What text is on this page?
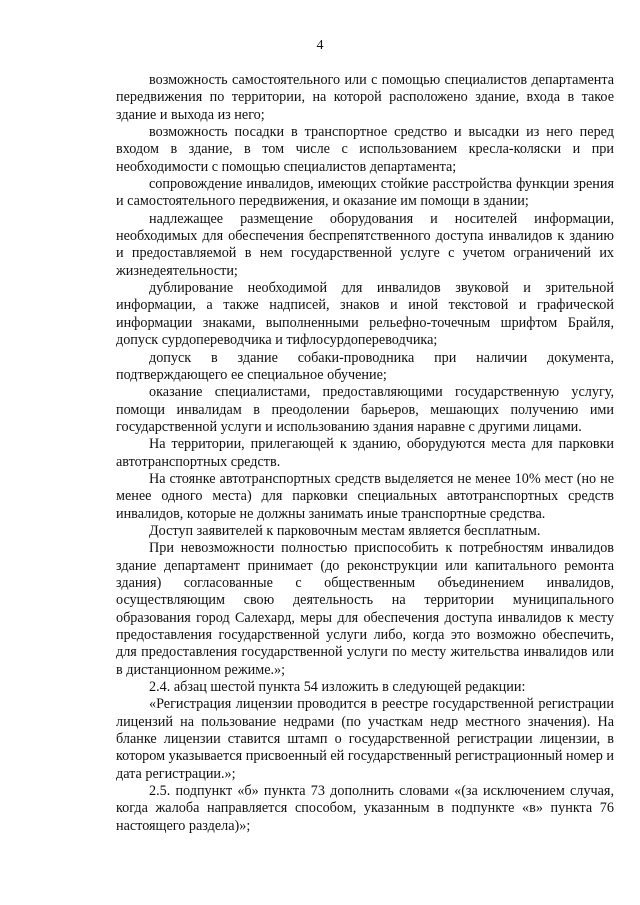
4

возможность самостоятельного или с помощью специалистов департамента передвижения по территории, на которой расположено здание, входа в такое здание и выхода из него;

возможность посадки в транспортное средство и высадки из него перед входом в здание, в том числе с использованием кресла-коляски и при необходимости с помощью специалистов департамента;

сопровождение инвалидов, имеющих стойкие расстройства функции зрения и самостоятельного передвижения, и оказание им помощи в здании;

надлежащее размещение оборудования и носителей информации, необходимых для обеспечения беспрепятственного доступа инвалидов к зданию и предоставляемой в нем государственной услуге с учетом ограничений их жизнедеятельности;

дублирование необходимой для инвалидов звуковой и зрительной информации, а также надписей, знаков и иной текстовой и графической информации знаками, выполненными рельефно-точечным шрифтом Брайля, допуск сурдопереводчика и тифлосурдопереводчика;

допуск в здание собаки-проводника при наличии документа, подтверждающего ее специальное обучение;

оказание специалистами, предоставляющими государственную услугу, помощи инвалидам в преодолении барьеров, мешающих получению ими государственной услуги и использованию здания наравне с другими лицами.

На территории, прилегающей к зданию, оборудуются места для парковки автотранспортных средств.

На стоянке автотранспортных средств выделяется не менее 10% мест (но не менее одного места) для парковки специальных автотранспортных средств инвалидов, которые не должны занимать иные транспортные средства.

Доступ заявителей к парковочным местам является бесплатным.

При невозможности полностью приспособить к потребностям инвалидов здание департамент принимает (до реконструкции или капитального ремонта здания) согласованные с общественным объединением инвалидов, осуществляющим свою деятельность на территории муниципального образования город Салехард, меры для обеспечения доступа инвалидов к месту предоставления государственной услуги либо, когда это возможно обеспечить, для предоставления государственной услуги по месту жительства инвалидов или в дистанционном режиме.»;

2.4. абзац шестой пункта 54 изложить в следующей редакции:

«Регистрация лицензии проводится в реестре государственной регистрации лицензий на пользование недрами (по участкам недр местного значения). На бланке лицензии ставится штамп о государственной регистрации лицензии, в котором указывается присвоенный ей государственный регистрационный номер и дата регистрации.»;

2.5. подпункт «б» пункта 73 дополнить словами «(за исключением случая, когда жалоба направляется способом, указанным в подпункте «в» пункта 76 настоящего раздела)»;
